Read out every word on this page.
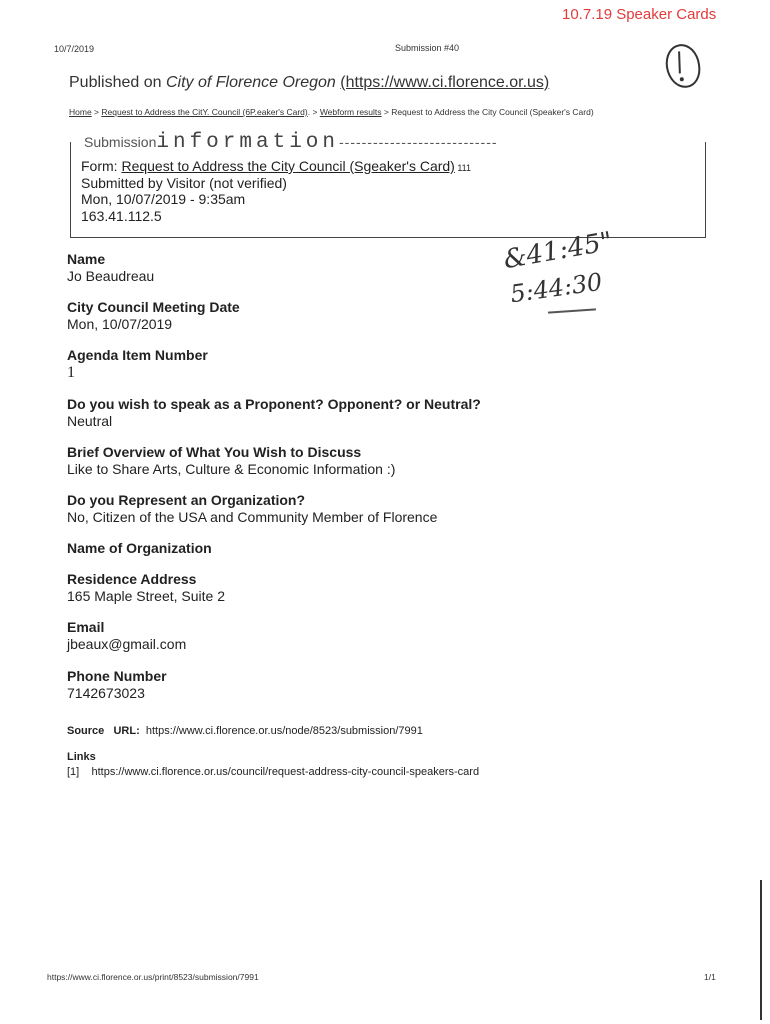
10.7.19 Speaker Cards
10/7/2019	Submission #40
Published on City of Florence Oregon (https://www.ci.florence.or.us)
Home > Request to Address the CitY. Council (6P.eaker's Card). > Webform results > Request to Address the City Council (Speaker's Card)
Submission information ----------------------------
Form: Request to Address the City Council (Sgeaker's Card) 111
Submitted by Visitor (not verified)
Mon, 10/07/2019 - 9:35am
163.41.112.5
&41:45"
5:44:30
Name
Jo Beaudreau
City Council Meeting Date
Mon, 10/07/2019
Agenda Item Number
1
Do you wish to speak as a Proponent? Opponent? or Neutral?
Neutral
Brief Overview of What You Wish to Discuss
Like to Share Arts, Culture & Economic Information :)
Do you Represent an Organization?
No, Citizen of the USA and Community Member of Florence
Name of Organization
Residence Address
165 Maple Street, Suite 2
Email
jbeaux@gmail.com
Phone Number
7142673023
Source URL: https://www.ci.florence.or.us/node/8523/submission/7991
Links
[1] https://www.ci.florence.or.us/council/request-address-city-council-speakers-card
https://www.ci.florence.or.us/print/8523/submission/7991	1/1
